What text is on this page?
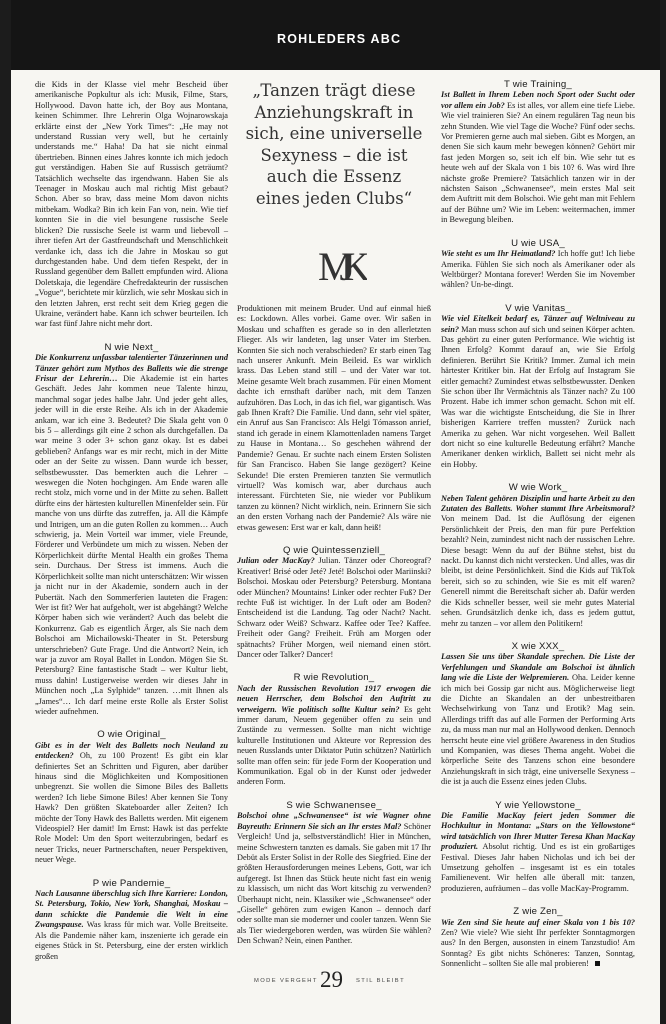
ROHLEDERS ABC

die Kids in der Klasse viel mehr Bescheid über amerikanische Popkultur als ich: Musik, Filme, Stars, Hollywood. Davon hatte ich, der Boy aus Montana, keinen Schimmer. Ihre Lehrerin Olga Wojnarowskaja erklärte einst der „New York Times“: „He may not understand Russian very well, but he certainly understands me.“ Haha! Da hat sie nicht einmal übertrieben. Binnen eines Jahres konnte ich mich jedoch gut verständigen. Haben Sie auf Russisch geträumt? Tatsächlich wechselte das irgendwann. Haben Sie als Teenager in Moskau auch mal richtig Mist gebaut? Schon. Aber so brav, dass meine Mom davon nichts mitbekam. Wodka? Bin ich kein Fan von, nein. Wie tief konnten Sie in die viel besungene russische Seele blicken? Die russische Seele ist warm und liebevoll – ihrer tiefen Art der Gastfreundschaft und Menschlichkeit verdanke ich, dass ich die Jahre in Moskau so gut durchgestanden habe. Und dem tiefen Respekt, der in Russland gegenüber dem Ballett empfunden wird. Aliona Doletskaja, die legendäre Chefredakteurin der russischen „Vogue“, berichtete mir kürzlich, wie sehr Moskau sich in den letzten Jahren, erst recht seit dem Krieg gegen die Ukraine, verändert habe. Kann ich schwer beurteilen. Ich war fast fünf Jahre nicht mehr dort.

N wie Next_
Die Konkurrenz unfassbar talentierter Tänzerinnen und Tänzer gehört zum Mythos des Balletts wie die strenge Frisur der Lehrerin… Die Akademie ist ein hartes Geschäft. Jedes Jahr kommen neue Talente hinzu, manchmal sogar jedes halbe Jahr. Und jeder geht alles, jeder will in die erste Reihe. Als ich in der Akademie ankam, war ich eine 3. Bedeutet? Die Skala geht von 0 bis 5 – allerdings gilt eine 2 schon als durchgefallen. Da war meine 3 oder 3+ schon ganz okay. Ist es dabei geblieben? Anfangs war es mir recht, mich in der Mitte oder an der Seite zu wissen. Dann wurde ich besser, selbstbewusster. Das bemerkten auch die Lehrer – weswegen die Noten hochgingen. Am Ende waren alle recht stolz, mich vorne und in der Mitte zu sehen. Ballett dürfte eins der härtesten kulturellen Minenfelder sein. Für manche von uns dürfte das zutreffen, ja. All die Kämpfe und Intrigen, um an die guten Rollen zu kommen… Auch schwierig, ja. Mein Vorteil war immer, viele Freunde, Förderer und Verbündete um mich zu wissen. Neben der Körperlichkeit dürfte Mental Health ein großes Thema sein. Durchaus. Der Stress ist immens. Auch die Körperlichkeit sollte man nicht unterschätzen: Wir wissen ja nicht nur in der Akademie, sondern auch in der Pubertät. Nach den Sommerferien lauteten die Fragen: Wer ist fit? Wer hat aufgeholt, wer ist abgehängt? Welche Körper haben sich wie verändert? Auch das belebt die Konkurrenz. Gab es eigentlich Ärger, als Sie nach dem Bolschoi am Michailowski-Theater in St. Petersburg unterschrieben? Gute Frage. Und die Antwort? Nein, ich war ja zuvor am Royal Ballet in London. Mögen Sie St. Petersburg? Eine fantastische Stadt – wer Kultur liebt, muss dahin! Lustigerweise werden wir dieses Jahr in München noch „La Sylphide“ tanzen. …mit Ihnen als „James“… Ich darf meine erste Rolle als Erster Solist wieder aufnehmen.

O wie Original_
Gibt es in der Welt des Balletts noch Neuland zu entdecken? Oh, zu 100 Prozent! Es gibt ein klar definiertes Set an Schritten und Figuren, aber darüber hinaus sind die Möglichkeiten und Kompositionen unbegrenzt. Sie wollen die Simone Biles des Balletts werden? Ich liebe Simone Biles! Aber kennen Sie Tony Hawk? Den größten Skateboarder aller Zeiten? Ich möchte der Tony Hawk des Balletts werden. Mit eigenem Videospiel? Her damit! Im Ernst: Hawk ist das perfekte Role Model: Um den Sport weiterzubringen, bedarf es neuer Tricks, neuer Partnerschaften, neuer Perspektiven, neuer Wege.

P wie Pandemie_
Nach Lausanne überschlug sich Ihre Karriere: London, St. Petersburg, Tokio, New York, Shanghai, Moskau – dann schickte die Pandemie die Welt in eine Zwangspause. Was krass für mich war. Volle Breitseite. Als die Pandemie näher kam, inszenierte ich gerade ein eigenes Stück in St. Petersburg, eine der ersten wirklich großen

„Tanzen trägt diese Anziehungskraft in sich, eine universelle Sexyness – die ist auch die Essenz eines jeden Clubs“
MJK

Produktionen mit meinem Bruder. Und auf einmal hieß es: Lockdown. Alles vorbei. Game over. Wir saßen in Moskau und schafften es gerade so in den allerletzten Flieger. Als wir landeten, lag unser Vater im Sterben. Konnten Sie sich noch verabschieden? Er starb einen Tag nach unserer Ankunft. Mein Beileid. Es war wirklich krass. Das Leben stand still – und der Vater war tot. Meine gesamte Welt brach zusammen. Für einen Moment dachte ich ernsthaft darüber nach, mit dem Tanzen aufzuhören. Das Loch, in das ich fiel, war gigantisch. Was gab Ihnen Kraft? Die Familie. Und dann, sehr viel später, ein Anruf aus San Francisco: Als Helgi Tómasson anrief, stand ich gerade in einem Klamottenladen namens Target zu Hause in Montana… So geschehen während der Pandemie? Genau. Er suchte nach einem Ersten Solisten für San Francisco. Haben Sie lange gezögert? Keine Sekunde! Die ersten Premieren tanzten Sie vermutlich virtuell? Was komisch war, aber durchaus auch interessant. Fürchteten Sie, nie wieder vor Publikum tanzen zu können? Nicht wirklich, nein. Erinnern Sie sich an den ersten Vorhang nach der Pandemie? Als wäre nie etwas gewesen: Erst war er kalt, dann heiß!

Q wie Quintessenziell_
Julian oder MacKay? Julian. Tänzer oder Choreograf? Kreativer! Brisé oder Jeté? Jeté! Bolschoi oder Mariinski? Bolschoi. Moskau oder Petersburg? Petersburg. Montana oder München? Mountains! Linker oder rechter Fuß? Der rechte Fuß ist wichtiger. In der Luft oder am Boden? Entscheidend ist die Landung. Tag oder Nacht? Nacht. Schwarz oder Weiß? Schwarz. Kaffee oder Tee? Kaffee. Freiheit oder Gang? Freiheit. Früh am Morgen oder spätnachts? Früher Morgen, weil niemand einen stört. Dancer oder Talker? Dancer!

R wie Revolution_
Nach der Russischen Revolution 1917 erwogen die neuen Herrscher, dem Bolschoi den Auftritt zu verweigern. Wie politisch sollte Kultur sein? Es geht immer darum, Neuem gegenüber offen zu sein und Zustände zu vermessen. Sollte man nicht wichtige kulturelle Institutionen und Akteure vor Repression des neuen Russlands unter Diktator Putin schützen? Natürlich sollte man offen sein: für jede Form der Kooperation und Kommunikation. Egal ob in der Kunst oder jedweder anderen Form.

S wie Schwanensee_
Bolschoi ohne „Schwanensee“ ist wie Wagner ohne Bayreuth: Erinnern Sie sich an Ihr erstes Mal? Schöner Vergleich! Und ja, selbstverständlich! Hier in München, meine Schwestern tanzten es damals. Sie gaben mit 17 Ihr Debüt als Erster Solist in der Rolle des Siegfried. Eine der größten Herausforderungen meines Lebens, Gott, war ich aufgeregt. Ist Ihnen das Stück heute nicht fast ein wenig zu klassisch, um nicht das Wort kitschig zu verwenden? Überhaupt nicht, nein. Klassiker wie „Schwanensee“ oder „Giselle“ gehören zum ewigen Kanon – dennoch darf oder sollte man sie moderner und cooler tanzen. Wenn Sie als Tier wiedergeboren werden, was würden Sie wählen? Den Schwan? Nein, einen Panther.

T wie Training_
Ist Ballett in Ihrem Leben noch Sport oder Sucht oder vor allem ein Job? Es ist alles, vor allem eine tiefe Liebe. Wie viel trainieren Sie? An einem regulären Tag neun bis zehn Stunden. Wie viel Tage die Woche? Fünf oder sechs. Vor Premieren gerne auch mal sieben. Gibt es Morgen, an denen Sie sich kaum mehr bewegen können? Gehört mir fast jeden Morgen so, seit ich elf bin. Wie sehr tut es heute weh auf der Skala von 1 bis 10? 6. Was wird Ihre nächste große Premiere? Tatsächlich tanzen wir in der nächsten Saison „Schwanensee“, mein erstes Mal seit dem Auftritt mit dem Bolschoi. Wie geht man mit Fehlern auf der Bühne um? Wie im Leben: weitermachen, immer in Bewegung bleiben.

U wie USA_
Wie steht es um Ihr Heimatland? Ich hoffe gut! Ich liebe Amerika. Fühlen Sie sich noch als Amerikaner oder als Weltbürger? Montana forever! Werden Sie im November wählen? Un-be-dingt.

V wie Vanitas_
Wie viel Eitelkeit bedarf es, Tänzer auf Weltniveau zu sein? Man muss schon auf sich und seinen Körper achten. Das gehört zu einer guten Performance. Wie wichtig ist Ihnen Erfolg? Kommt darauf an, wie Sie Erfolg definieren. Berührt Sie Kritik? Immer. Zumal ich mein härtester Kritiker bin. Hat der Erfolg auf Instagram Sie eitler gemacht? Zumindest etwas selbstbewusster. Denken Sie schon über Ihr Vermächtnis als Tänzer nach? Zu 100 Prozent. Habe ich immer schon gemacht. Schon mit elf. Was war die wichtigste Entscheidung, die Sie in Ihrer bisherigen Karriere treffen mussten? Zurück nach Amerika zu gehen. War nicht vorgesehen. Weil Ballett dort nicht so eine kulturelle Bedeutung erfährt? Manche Amerikaner denken wirklich, Ballett sei nicht mehr als ein Hobby.

W wie Work_
Neben Talent gehören Disziplin und harte Arbeit zu den Zutaten des Balletts. Woher stammt Ihre Arbeitsmoral? Von meinem Dad. Ist die Auflösung der eigenen Persönlichkeit der Preis, den man für pure Perfektion bezahlt? Nein, zumindest nicht nach der russischen Lehre. Diese besagt: Wenn du auf der Bühne stehst, bist du nackt. Du kannst dich nicht verstecken. Und alles, was dir bleibt, ist deine Persönlichkeit. Sind die Kids auf TikTok bereit, sich so zu schinden, wie Sie es mit elf waren? Generell nimmt die Bereitschaft sicher ab. Dafür werden die Kids schneller besser, weil sie mehr gutes Material sehen. Grundsätzlich denke ich, dass es jedem guttut, mehr zu tanzen – vor allem den Politikern!

X wie XXX_
Lassen Sie uns über Skandale sprechen. Die Liste der Verfehlungen und Skandale am Bolschoi ist ähnlich lang wie die Liste der Welpremieren. Oha. Leider kenne ich mich bei Gossip gar nicht aus. Möglicherweise liegt die Dichte an Skandalen an der unbestreitbaren Wechselwirkung von Tanz und Erotik? Mag sein. Allerdings trifft das auf alle Formen der Performing Arts zu, da muss man nur mal an Hollywood denken. Dennoch herrscht heute eine viel größere Awareness in den Studios und Kompanien, was dieses Thema angeht. Wobei die körperliche Seite des Tanzens schon eine besondere Anziehungskraft in sich trägt, eine universelle Sexyness – die ist ja auch die Essenz eines jeden Clubs.

Y wie Yellowstone_
Die Familie MacKay feiert jeden Sommer die Hochkultur in Montana: „Stars on the Yellowstone“ wird tatsächlich von Ihrer Mutter Teresa Khan MacKay produziert. Absolut richtig. Und es ist ein großartiges Festival. Dieses Jahr haben Nicholas und ich bei der Umsetzung geholfen – insgesamt ist es ein totales Familienevent. Wir helfen alle überall mit: tanzen, produzieren, aufräumen – das volle MacKay-Programm.

Z wie Zen_
Wie Zen sind Sie heute auf einer Skala von 1 bis 10? Zen? Wie viele? Wie sieht Ihr perfekter Sonntagmorgen aus? In den Bergen, ausonsten in einem Tanzstudio! Am Sonntag? Es gibt nichts Schöneres: Tanzen, Sonntag, Sonnenlicht – sollten Sie alle mal probieren!

MODE VERGEHT 29 STIL BLEIBT
